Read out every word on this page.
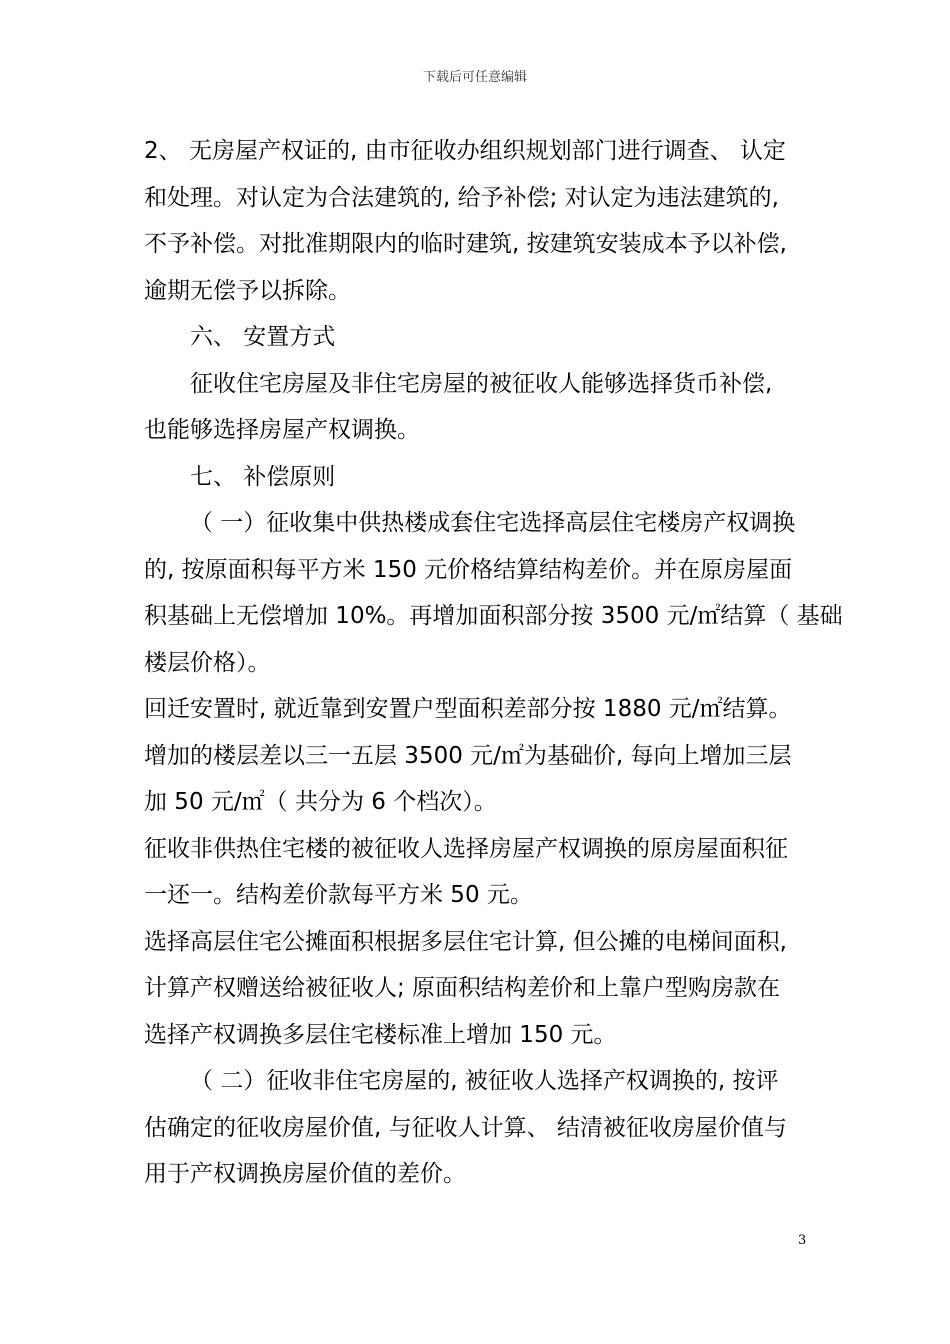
下载后可任意编辑
2、 无房屋产权证的, 由市征收办组织规划部门进行调查、 认定
和处理。对认定为合法建筑的, 给予补偿; 对认定为违法建筑的,
不予补偿。对批准期限内的临时建筑, 按建筑安装成本予以补偿,
逾期无偿予以拆除。
六、 安置方式
征收住宅房屋及非住宅房屋的被征收人能够选择货币补偿,
也能够选择房屋产权调换。
七、 补偿原则
（ 一）征收集中供热楼成套住宅选择高层住宅楼房产权调换
的, 按原面积每平方米 150 元价格结算结构差价。并在原房屋面
积基础上无偿增加 10%。再增加面积部分按 3500 元/㎡结算（ 基础
楼层价格）。
回迁安置时, 就近靠到安置户型面积差部分按 1880 元/㎡结算。
增加的楼层差以三一五层 3500 元/㎡为基础价, 每向上增加三层
加 50 元/㎡（ 共分为 6 个档次）。
征收非供热住宅楼的被征收人选择房屋产权调换的原房屋面积征
一还一。结构差价款每平方米 50 元。
选择高层住宅公摊面积根据多层住宅计算, 但公摊的电梯间面积,
计算产权赠送给被征收人; 原面积结构差价和上靠户型购房款在
选择产权调换多层住宅楼标准上增加 150 元。
（ 二）征收非住宅房屋的, 被征收人选择产权调换的, 按评
估确定的征收房屋价值, 与征收人计算、 结清被征收房屋价值与
用于产权调换房屋价值的差价。
3
